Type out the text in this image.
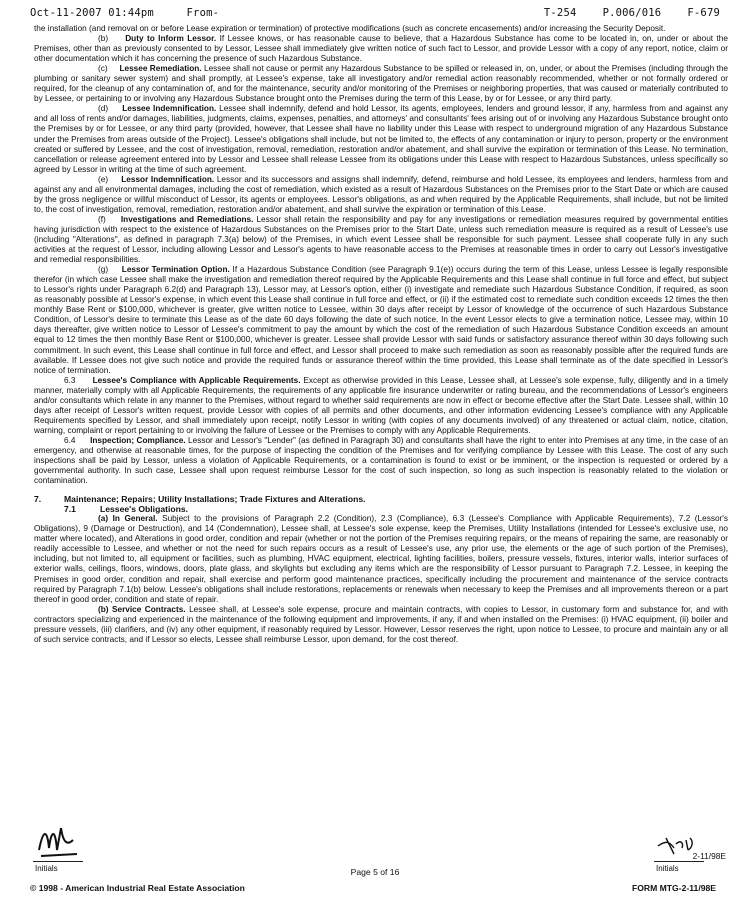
Oct-11-2007 01:44pm	From-	T-254 P.006/016 F-679

the installation (and removal on or before Lease expiration or termination) of protective modifications (such as concrete encasements) and/or increasing the Security Deposit.

(b) Duty to Inform Lessor. If Lessee knows, or has reasonable cause to believe, that a Hazardous Substance has come to be located in, on, under or about the Premises, other than as previously consented to by Lessor, Lessee shall immediately give written notice of such fact to Lessor, and provide Lessor with a copy of any report, notice, claim or other documentation which it has concerning the presence of such Hazardous Substance.

(c) Lessee Remediation. Lessee shall not cause or permit any Hazardous Substance to be spilled or released in, on, under, or about the Premises (including through the plumbing or sanitary sewer system) and shall promptly, at Lessee's expense, take all investigatory and/or remedial action reasonably recommended, whether or not formally ordered or required, for the cleanup of any contamination of, and for the maintenance, security and/or monitoring of the Premises or neighboring properties, that was caused or materially contributed to by Lessee, or pertaining to or involving any Hazardous Substance brought onto the Premises during the term of this Lease, by or for Lessee, or any third party.

(d) Lessee Indemnification. Lessee shall indemnify, defend and hold Lessor, its agents, employees, lenders and ground lessor, if any, harmless from and against any and all loss of rents and/or damages, liabilities, judgments, claims, expenses, penalties, and attorneys' and consultants' fees arising out of or involving any Hazardous Substance brought onto the Premises by or for Lessee, or any third party (provided, however, that Lessee shall have no liability under this Lease with respect to underground migration of any Hazardous Substance under the Premises from areas outside of the Project). Lessee's obligations shall include, but not be limited to, the effects of any contamination or injury to person, property or the environment created or suffered by Lessee, and the cost of investigation, removal, remediation, restoration and/or abatement, and shall survive the expiration or termination of this Lease. No termination, cancellation or release agreement entered into by Lessor and Lessee shall release Lessee from its obligations under this Lease with respect to Hazardous Substances, unless specifically so agreed by Lessor in writing at the time of such agreement.

(e) Lessor Indemnification. Lessor and its successors and assigns shall indemnify, defend, reimburse and hold Lessee, its employees and lenders, harmless from and against any and all environmental damages, including the cost of remediation, which existed as a result of Hazardous Substances on the Premises prior to the Start Date or which are caused by the gross negligence or willful misconduct of Lessor, its agents or employees. Lessor's obligations, as and when required by the Applicable Requirements, shall include, but not be limited to, the cost of investigation, removal, remediation, restoration and/or abatement, and shall survive the expiration or termination of this Lease.

(f) Investigations and Remediations. Lessor shall retain the responsibility and pay for any investigations or remediation measures required by governmental entities having jurisdiction with respect to the existence of Hazardous Substances on the Premises prior to the Start Date, unless such remediation measure is required as a result of Lessee's use (including "Alterations", as defined in paragraph 7.3(a) below) of the Premises, in which event Lessee shall be responsible for such payment. Lessee shall cooperate fully in any such activities at the request of Lessor, including allowing Lessor and Lessor's agents to have reasonable access to the Premises at reasonable times in order to carry out Lessor's investigative and remedial responsibilities.

(g) Lessor Termination Option. If a Hazardous Substance Condition (see Paragraph 9.1(e)) occurs during the term of this Lease, unless Lessee is legally responsible therefor (in which case Lessee shall make the investigation and remediation thereof required by the Applicable Requirements and this Lease shall continue in full force and effect, but subject to Lessor's rights under Paragraph 6.2(d) and Paragraph 13), Lessor may, at Lessor's option, either (i) investigate and remediate such Hazardous Substance Condition, if required, as soon as reasonably possible at Lessor's expense, in which event this Lease shall continue in full force and effect, or (ii) if the estimated cost to remediate such condition exceeds 12 times the then monthly Base Rent or $100,000, whichever is greater, give written notice to Lessee, within 30 days after receipt by Lessor of knowledge of the occurrence of such Hazardous Substance Condition, of Lessor's desire to terminate this Lease as of the date 60 days following the date of such notice. In the event Lessor elects to give a termination notice, Lessee may, within 10 days thereafter, give written notice to Lessor of Lessee's commitment to pay the amount by which the cost of the remediation of such Hazardous Substance Condition exceeds an amount equal to 12 times the then monthly Base Rent or $100,000, whichever is greater. Lessee shall provide Lessor with said funds or satisfactory assurance thereof within 30 days following such commitment. In such event, this Lease shall continue in full force and effect, and Lessor shall proceed to make such remediation as soon as reasonably possible after the required funds are available. If Lessee does not give such notice and provide the required funds or assurance thereof within the time provided, this Lease shall terminate as of the date specified in Lessor's notice of termination.

6.3 Lessee's Compliance with Applicable Requirements. Except as otherwise provided in this Lease, Lessee shall, at Lessee's sole expense, fully, diligently and in a timely manner, materially comply with all Applicable Requirements, the requirements of any applicable fire insurance underwriter or rating bureau, and the recommendations of Lessor's engineers and/or consultants which relate in any manner to the Premises, without regard to whether said requirements are now in effect or become effective after the Start Date. Lessee shall, within 10 days after receipt of Lessor's written request, provide Lessor with copies of all permits and other documents, and other information evidencing Lessee's compliance with any Applicable Requirements specified by Lessor, and shall immediately upon receipt, notify Lessor in writing (with copies of any documents involved) of any threatened or actual claim, notice, citation, warning, complaint or report pertaining to or involving the failure of Lessee or the Premises to comply with any Applicable Requirements.

6.4 Inspection; Compliance. Lessor and Lessor's "Lender" (as defined in Paragraph 30) and consultants shall have the right to enter into Premises at any time, in the case of an emergency, and otherwise at reasonable times, for the purpose of inspecting the condition of the Premises and for verifying compliance by Lessee with this Lease. The cost of any such inspections shall be paid by Lessor, unless a violation of Applicable Requirements, or a contamination is found to exist or be imminent, or the inspection is requested or ordered by a governmental authority. In such case, Lessee shall upon request reimburse Lessor for the cost of such inspection, so long as such inspection is reasonably related to the violation or contamination.

7.	Maintenance; Repairs; Utility Installations; Trade Fixtures and Alterations.

7.1	Lessee's Obligations.

(a) In General. Subject to the provisions of Paragraph 2.2 (Condition), 2.3 (Compliance), 6.3 (Lessee's Compliance with Applicable Requirements), 7.2 (Lessor's Obligations), 9 (Damage or Destruction), and 14 (Condemnation), Lessee shall, at Lessee's sole expense, keep the Premises, Utility Installations (intended for Lessee's exclusive use, no matter where located), and Alterations in good order, condition and repair (whether or not the portion of the Premises requiring repairs, or the means of repairing the same, are reasonably or readily accessible to Lessee, and whether or not the need for such repairs occurs as a result of Lessee's use, any prior use, the elements or the age of such portion of the Premises), including, but not limited to, all equipment or facilities, such as plumbing, HVAC equipment, electrical, lighting facilities, boilers, pressure vessels, fixtures, interior walls, interior surfaces of exterior walls, ceilings, floors, windows, doors, plate glass, and skylights but excluding any items which are the responsibility of Lessor pursuant to Paragraph 7.2. Lessee, in keeping the Premises in good order, condition and repair, shall exercise and perform good maintenance practices, specifically including the procurement and maintenance of the service contracts required by Paragraph 7.1(b) below. Lessee's obligations shall include restorations, replacements or renewals when necessary to keep the Premises and all improvements thereon or a part thereof in good order, condition and state of repair.

(b) Service Contracts. Lessee shall, at Lessee's sole expense, procure and maintain contracts, with copies to Lessor, in customary form and substance for, and with contractors specializing and experienced in the maintenance of the following equipment and improvements, if any, if and when installed on the Premises: (i) HVAC equipment, (ii) boiler and pressure vessels, (iii) clarifiers, and (iv) any other equipment, if reasonably required by Lessor. However, Lessor reserves the right, upon notice to Lessee, to procure and maintain any or all of such service contracts, and if Lessor so elects, Lessee shall reimburse Lessor, upon demand, for the cost thereof.

Initials	Initials
2-11/98E
Page 5 of 16
© 1998 - American Industrial Real Estate Association	FORM MTG-2-11/98E
